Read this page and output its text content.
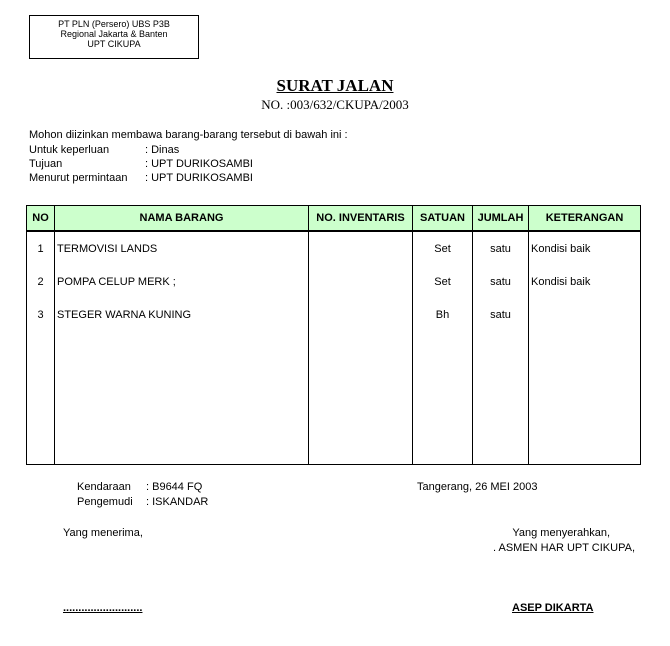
PT PLN (Persero) UBS P3B
Regional Jakarta & Banten
UPT CIKUPA
SURAT JALAN
NO. :003/632/CKUPA/2003
Mohon diizinkan membawa barang-barang tersebut di bawah ini :
Untuk keperluan	: Dinas
Tujuan	: UPT DURIKOSAMBI
Menurut permintaan : UPT DURIKOSAMBI
NO	NAMA BARANG	NO. INVENTARIS	SATUAN	JUMLAH	KETERANGAN
1	TERMOVISI LANDS		Set	satu	Kondisi baik
2	POMPA CELUP MERK ;		Set	satu	Kondisi baik
3	STEGER WARNA KUNING		Bh	satu	

Kendaraan : B9644 FQ
Pengemudi : ISKANDAR
Tangerang, 26 MEI 2003
Yang menerima,	Yang menyerahkan,
. ASMEN HAR UPT CIKUPA,
..........................	ASEP DIKARTA
